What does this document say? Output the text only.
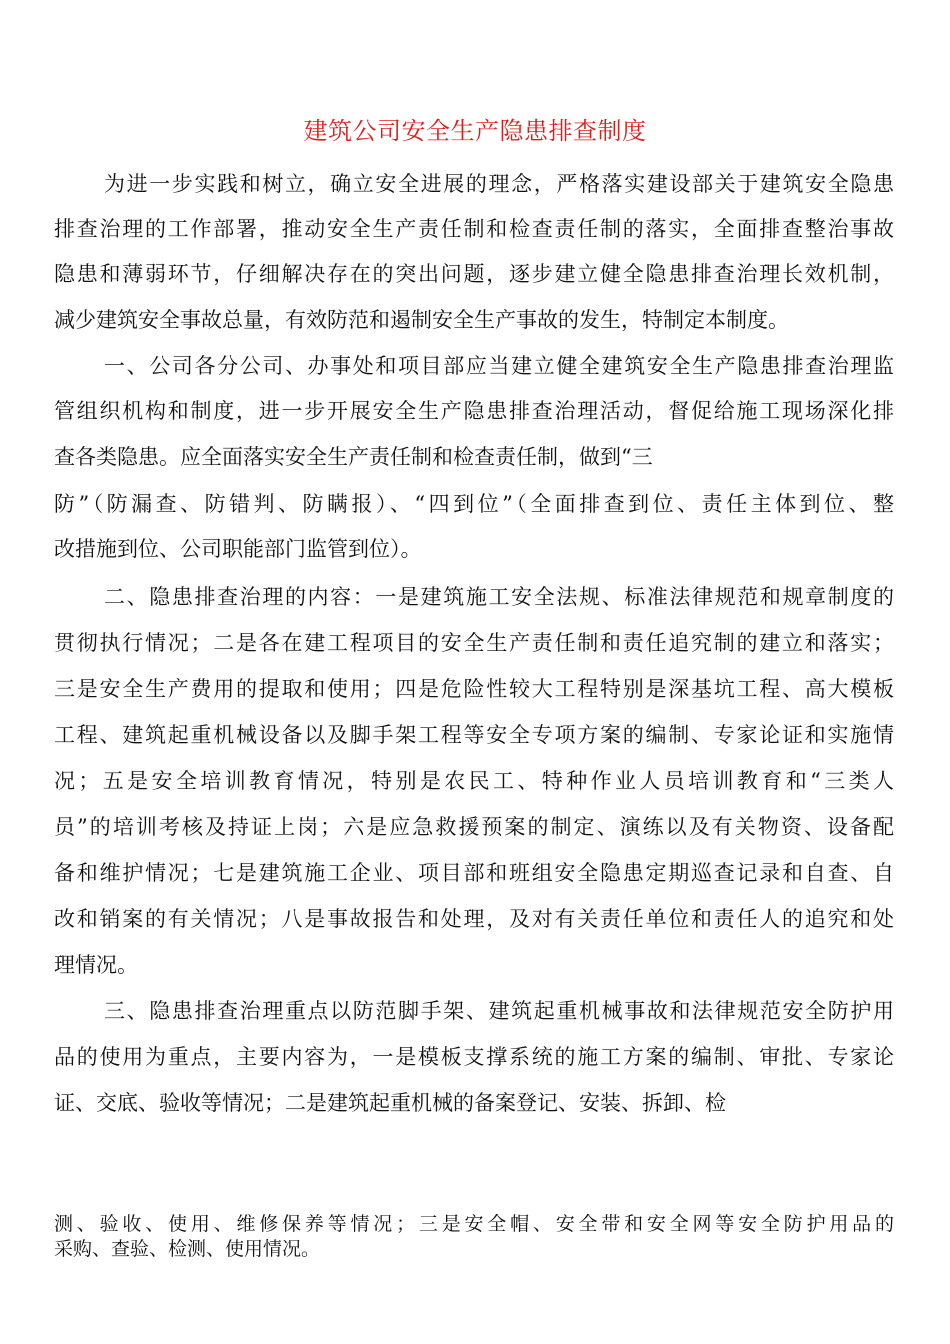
建筑公司安全生产隐患排查制度
为进一步实践和树立，确立安全进展的理念，严格落实建设部关于建筑安全隐患
排查治理的工作部署，推动安全生产责任制和检查责任制的落实，全面排查整治事故
隐患和薄弱环节，仔细解决存在的突出问题，逐步建立健全隐患排查治理长效机制，
减少建筑安全事故总量，有效防范和遏制安全生产事故的发生，特制定本制度。
一、公司各分公司、办事处和项目部应当建立健全建筑安全生产隐患排查治理监
管组织机构和制度，进一步开展安全生产隐患排查治理活动，督促给施工现场深化排
查各类隐患。应全面落实安全生产责任制和检查责任制，做到“三
防”（防漏查、防错判、防瞒报）、“四到位”（全面排查到位、责任主体到位、整
改措施到位、公司职能部门监管到位）。
二、隐患排查治理的内容：一是建筑施工安全法规、标准法律规范和规章制度的
贯彻执行情况；二是各在建工程项目的安全生产责任制和责任追究制的建立和落实；
三是安全生产费用的提取和使用；四是危险性较大工程特别是深基坑工程、高大模板
工程、建筑起重机械设备以及脚手架工程等安全专项方案的编制、专家论证和实施情
况；五是安全培训教育情况，特别是农民工、特种作业人员培训教育和“三类人
员”的培训考核及持证上岗；六是应急救援预案的制定、演练以及有关物资、设备配
备和维护情况；七是建筑施工企业、项目部和班组安全隐患定期巡查记录和自查、自
改和销案的有关情况；八是事故报告和处理，及对有关责任单位和责任人的追究和处
理情况。
三、隐患排查治理重点以防范脚手架、建筑起重机械事故和法律规范安全防护用
品的使用为重点，主要内容为，一是模板支撑系统的施工方案的编制、审批、专家论
证、交底、验收等情况；二是建筑起重机械的备案登记、安装、拆卸、检
测、验收、使用、维修保养等情况；三是安全帽、安全带和安全网等安全防护用品的
采购、查验、检测、使用情况。
